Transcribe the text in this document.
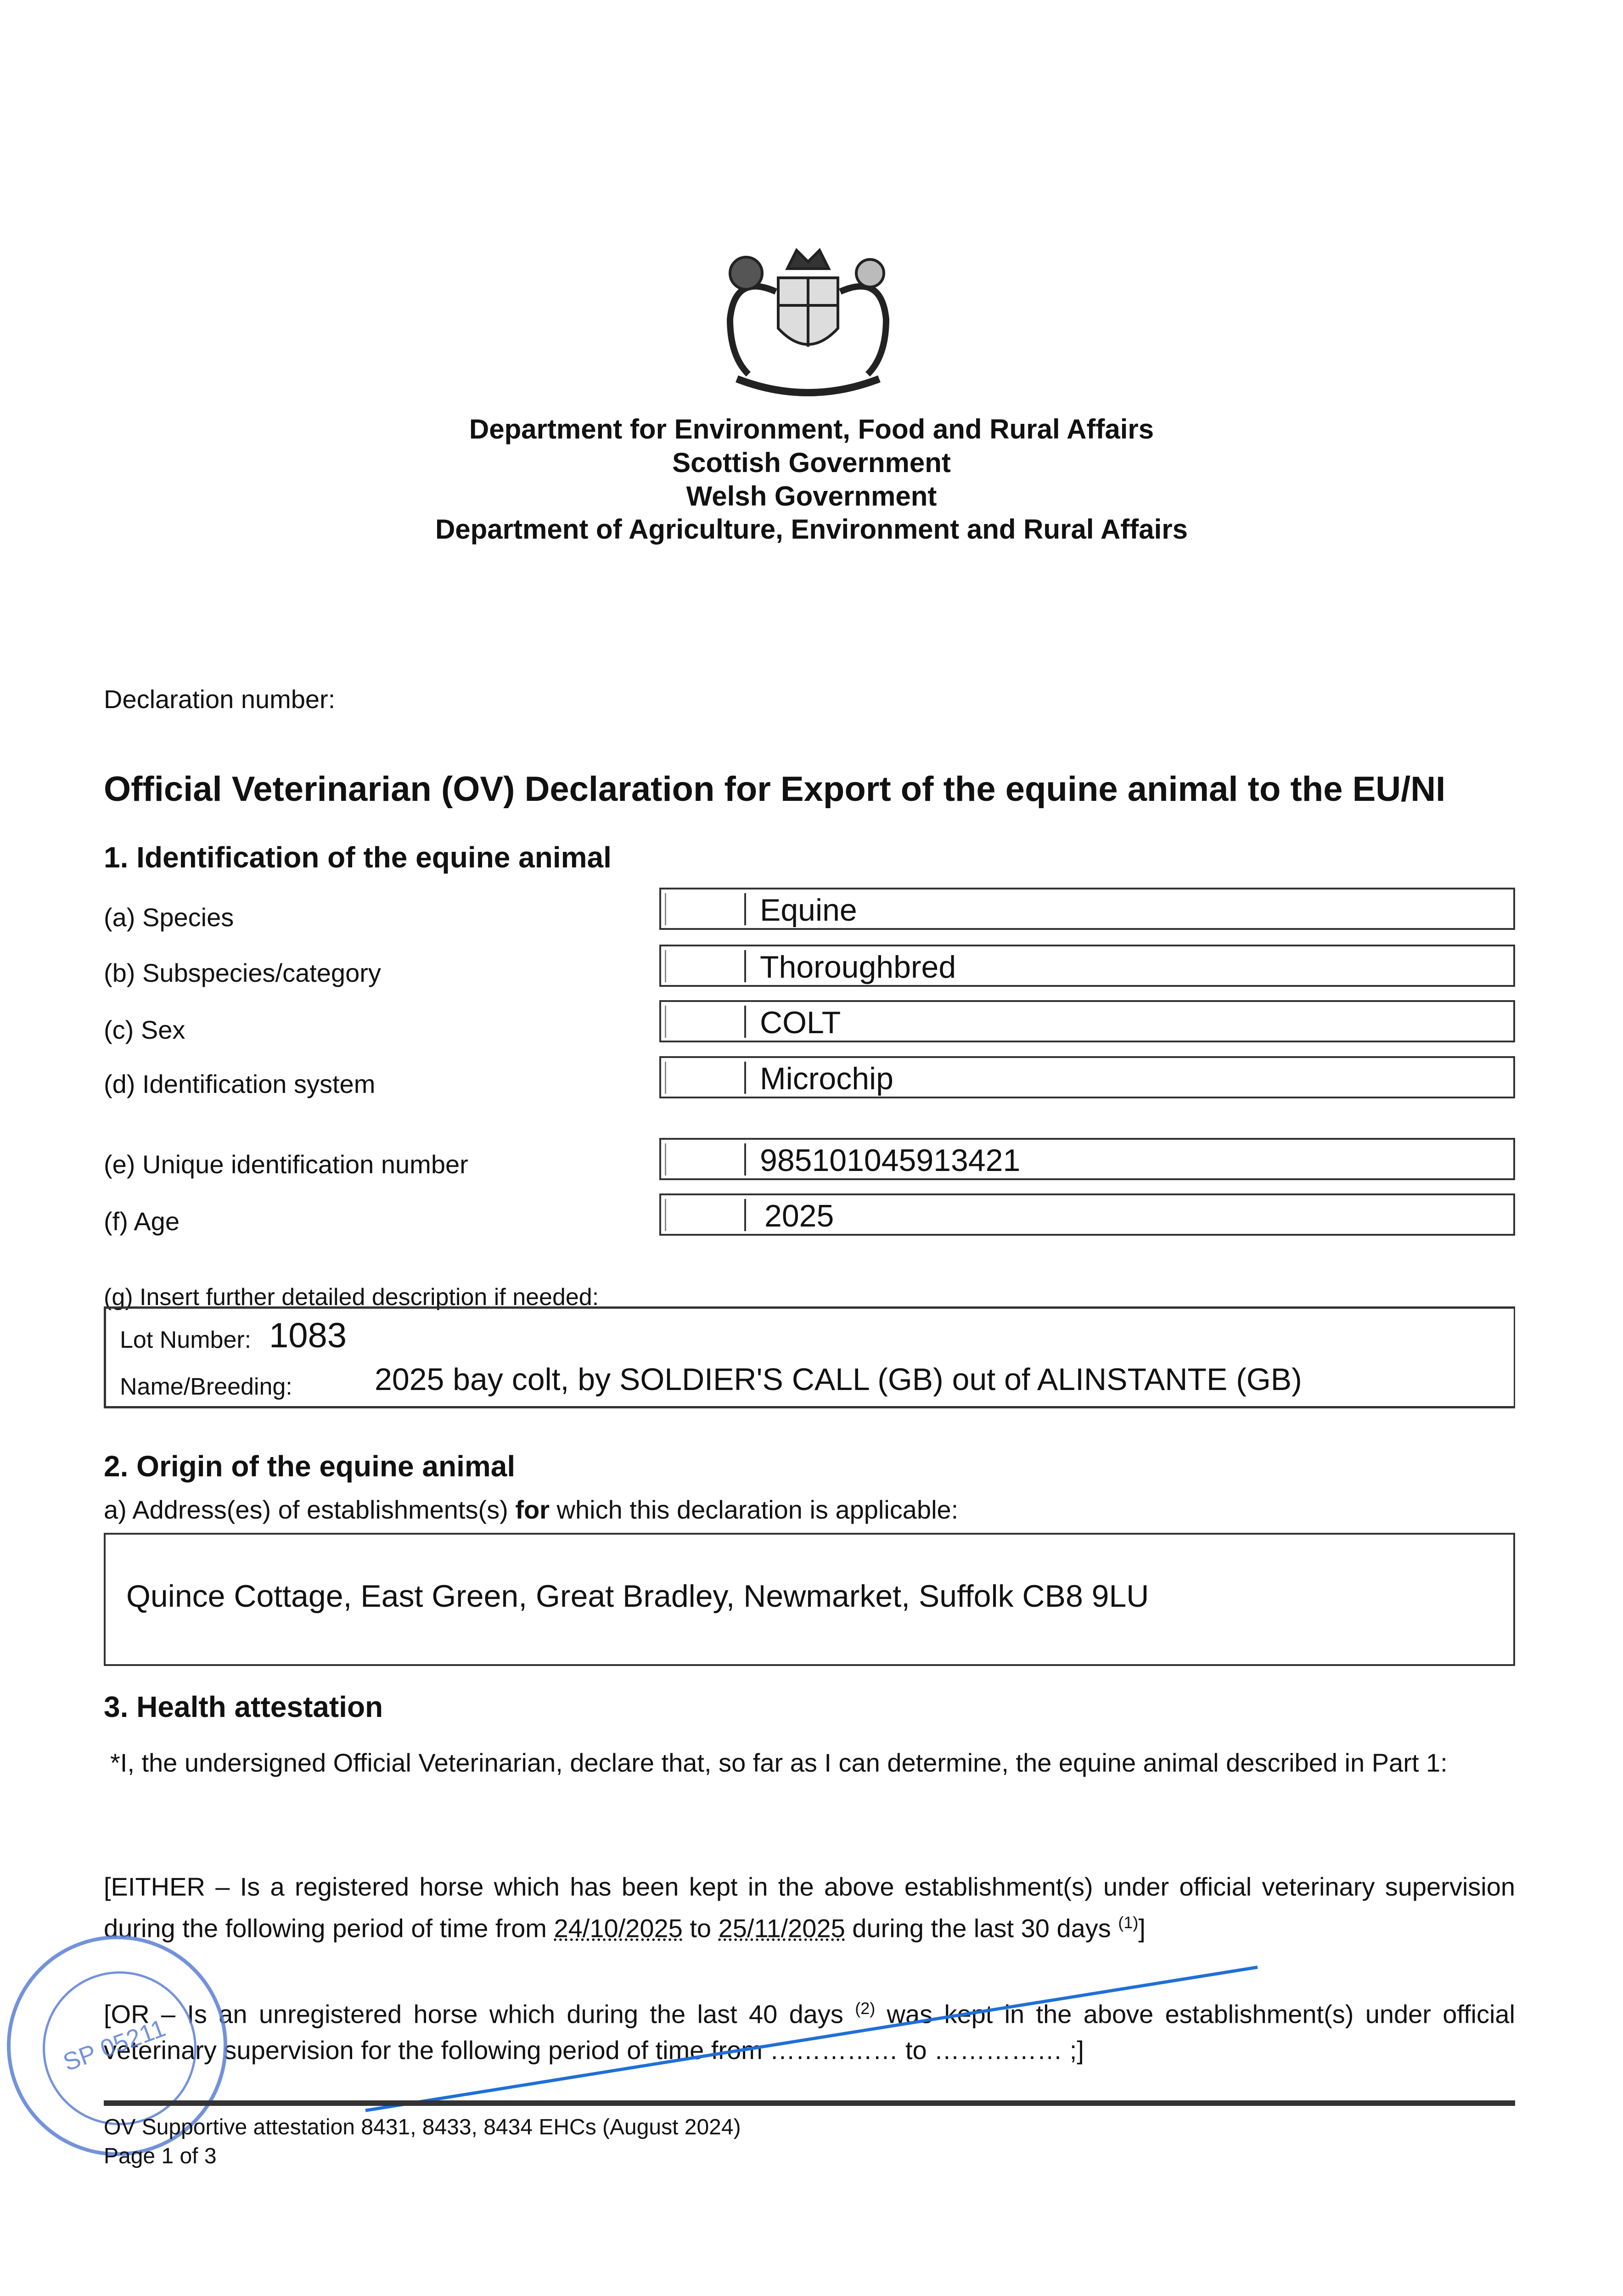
Department for Environment, Food and Rural Affairs
Scottish Government
Welsh Government
Department of Agriculture, Environment and Rural Affairs
Declaration number:
Official Veterinarian (OV) Declaration for Export of the equine animal to the EU/NI
1. Identification of the equine animal
(a) Species	Equine
(b) Subspecies/category	Thoroughbred
(c) Sex	COLT
(d) Identification system	Microchip
(e) Unique identification number	985101045913421
(f) Age	2025
(g) Insert further detailed description if needed:
Lot Number: 1083
Name/Breeding:	2025 bay colt, by SOLDIER'S CALL (GB) out of ALINSTANTE (GB)
2. Origin of the equine animal
a) Address(es) of establishments(s) for which this declaration is applicable:
Quince Cottage, East Green, Great Bradley, Newmarket, Suffolk CB8 9LU
3. Health attestation
*I, the undersigned Official Veterinarian, declare that, so far as I can determine, the equine animal described in Part 1:
[EITHER – Is a registered horse which has been kept in the above establishment(s) under official veterinary supervision during the following period of time from 24/10/2025 to 25/11/2025 during the last 30 days $^{(1)}$]
[OR – Is an unregistered horse which during the last 40 days $^{(2)}$ was kept in the above establishment(s) under official veterinary supervision for the following period of time from …………… to …………… ;]
SP 05211
OV Supportive attestation 8431, 8433, 8434 EHCs (August 2024)
Page 1 of 3
